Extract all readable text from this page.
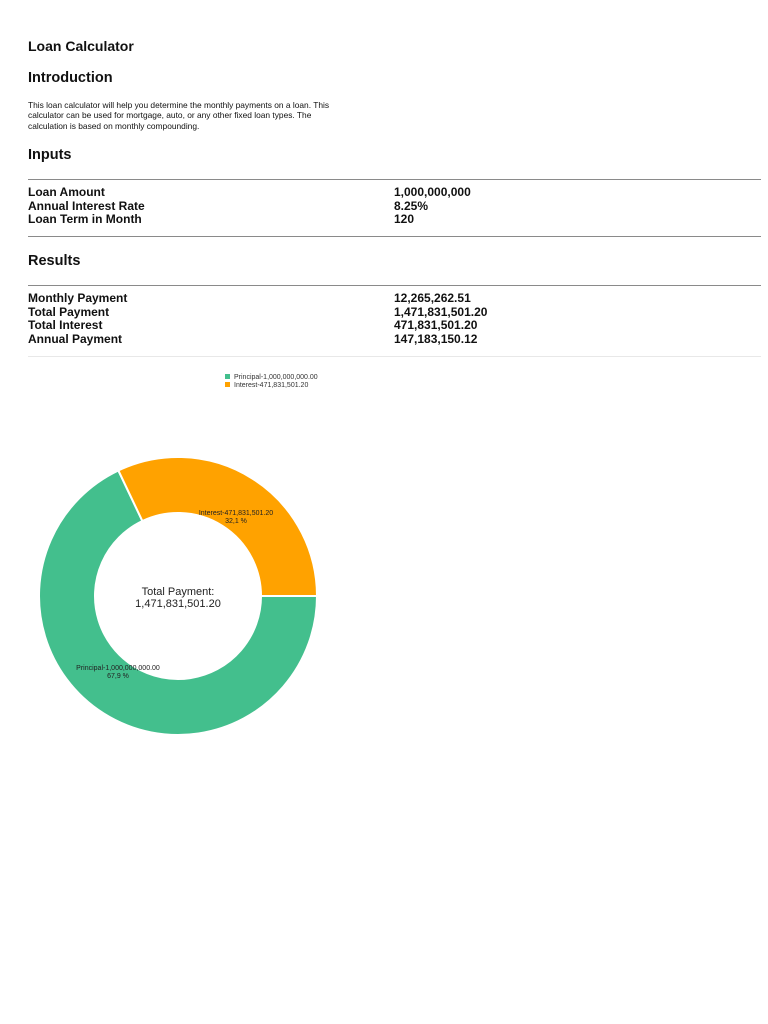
Loan Calculator
Introduction

This loan calculator will help you determine the monthly payments on a loan. This calculator can be used for mortgage, auto, or any other fixed loan types. The calculation is based on monthly compounding.

Inputs
Loan Amount	1,000,000,000
Annual Interest Rate	8.25%
Loan Term in Month	120
Results
Monthly Payment	12,265,262.51
Total Payment	1,471,831,501.20
Total Interest	471,831,501.20
Annual Payment	147,183,150.12
Principal-1,000,000,000.00
Interest-471,831,501.20
Principal-1,000,000,000.00
67,9 %
Interest-471,831,501.20
32,1 %
Total Payment:
1,471,831,501.20
